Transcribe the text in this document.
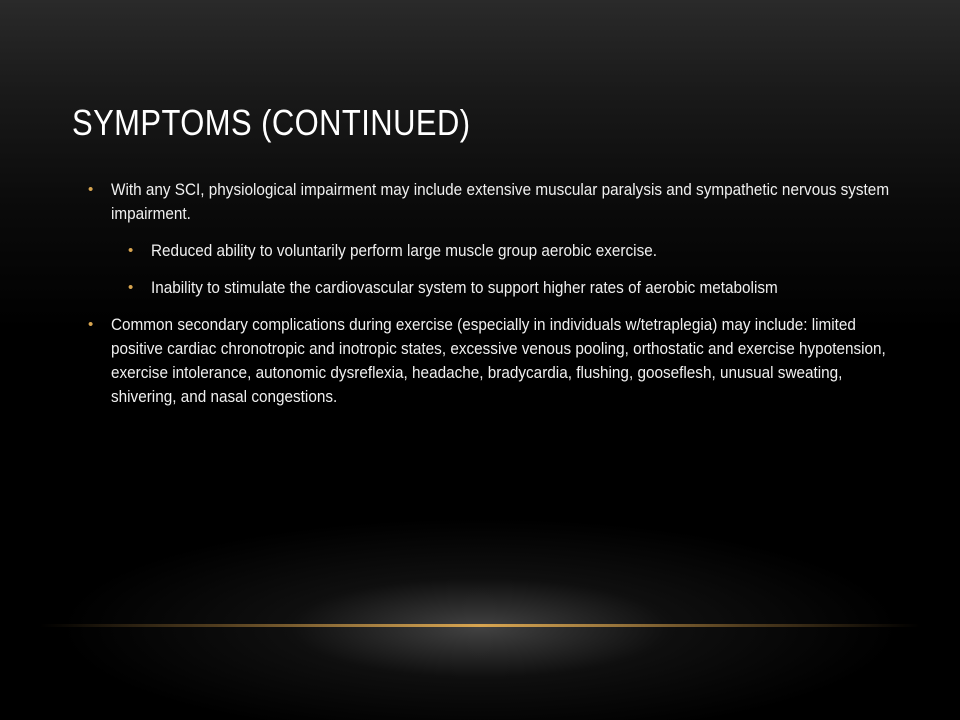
SYMPTOMS (CONTINUED)
• With any SCI, physiological impairment may include extensive muscular paralysis and sympathetic nervous system impairment.
• Reduced ability to voluntarily perform large muscle group aerobic exercise.
• Inability to stimulate the cardiovascular system to support higher rates of aerobic metabolism
• Common secondary complications during exercise (especially in individuals w/tetraplegia) may include: limited positive cardiac chronotropic and inotropic states, excessive venous pooling, orthostatic and exercise hypotension, exercise intolerance, autonomic dysreflexia, headache, bradycardia, flushing, gooseflesh, unusual sweating, shivering, and nasal congestions.
